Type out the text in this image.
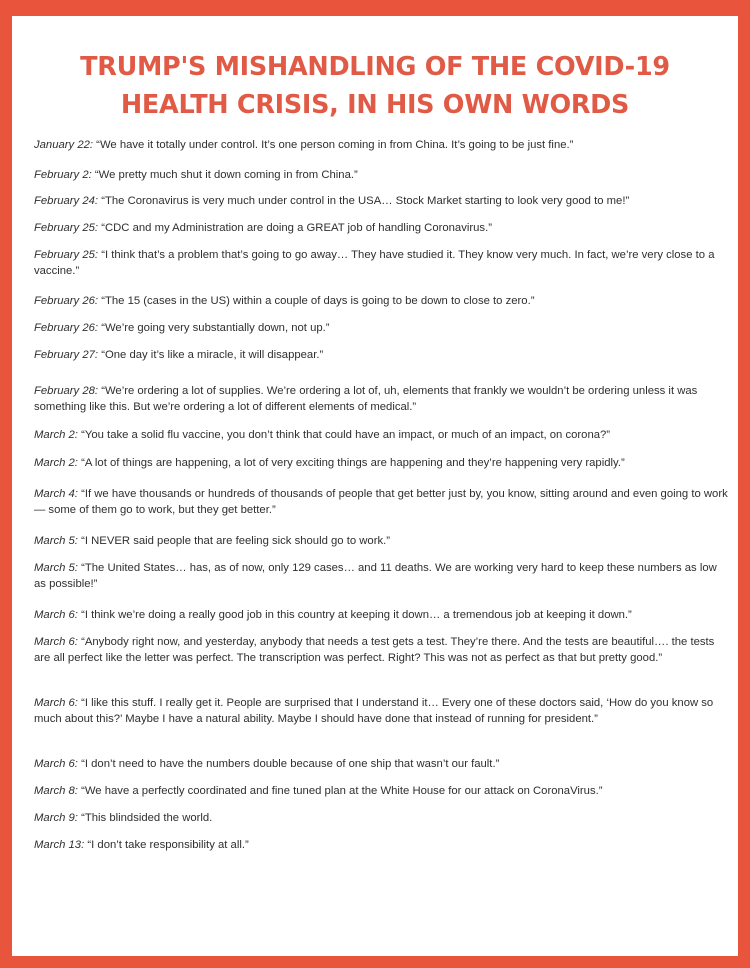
TRUMP'S MISHANDLING OF THE COVID-19
HEALTH CRISIS, IN HIS OWN WORDS

January 22: “We have it totally under control. It’s one person coming in from China. It’s going to be just fine.”

February 2: “We pretty much shut it down coming in from China.”

February 24: “The Coronavirus is very much under control in the USA… Stock Market starting to look very good to me!”

February 25: “CDC and my Administration are doing a GREAT job of handling Coronavirus.”

February 25: “I think that’s a problem that’s going to go away… They have studied it. They know very much. In fact, we’re very close to a vaccine.”

February 26: “The 15 (cases in the US) within a couple of days is going to be down to close to zero.”

February 26: “We’re going very substantially down, not up.”

February 27: “One day it’s like a miracle, it will disappear.”

February 28: “We’re ordering a lot of supplies. We’re ordering a lot of, uh, elements that frankly we wouldn’t be ordering unless it was something like this. But we’re ordering a lot of different elements of medical.”

March 2: “You take a solid flu vaccine, you don’t think that could have an impact, or much of an impact, on corona?”

March 2: “A lot of things are happening, a lot of very exciting things are happening and they’re happening very rapidly.”

March 4: “If we have thousands or hundreds of thousands of people that get better just by, you know, sitting around and even going to work — some of them go to work, but they get better.”

March 5: “I NEVER said people that are feeling sick should go to work.”

March 5: “The United States… has, as of now, only 129 cases… and 11 deaths. We are working very hard to keep these numbers as low as possible!”

March 6: “I think we’re doing a really good job in this country at keeping it down… a tremendous job at keeping it down.”

March 6: “Anybody right now, and yesterday, anybody that needs a test gets a test. They’re there. And the tests are beautiful…. the tests are all perfect like the letter was perfect. The transcription was perfect. Right? This was not as perfect as that but pretty good.”

March 6: “I like this stuff. I really get it. People are surprised that I understand it… Every one of these doctors said, ‘How do you know so much about this?’ Maybe I have a natural ability. Maybe I should have done that instead of running for president.”

March 6: “I don’t need to have the numbers double because of one ship that wasn’t our fault.”

March 8: “We have a perfectly coordinated and fine tuned plan at the White House for our attack on CoronaVirus.”

March 9: “This blindsided the world.

March 13: “I don’t take responsibility at all.”
